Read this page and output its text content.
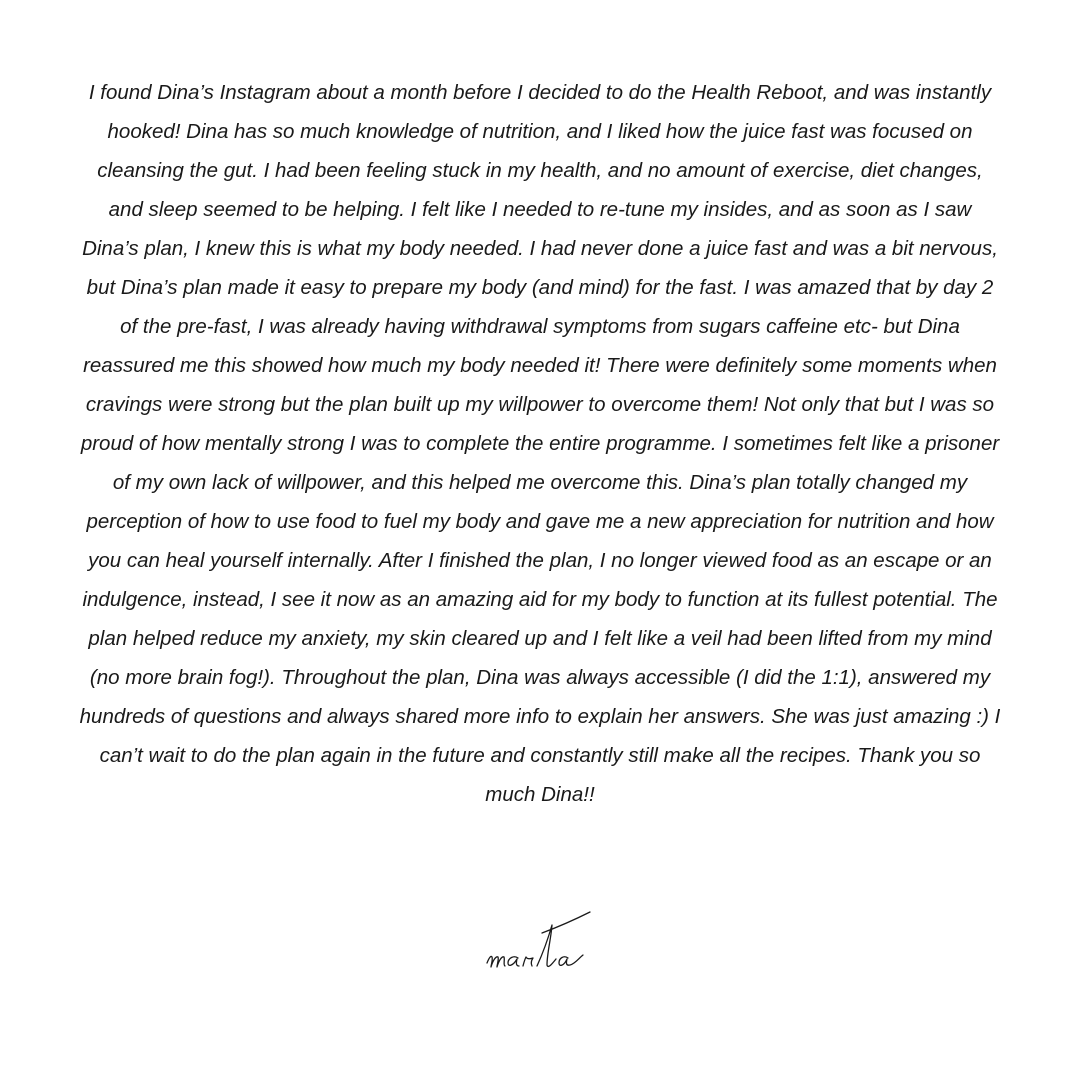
I found Dina’s Instagram about a month before I decided to do the Health Reboot, and was instantly hooked! Dina has so much knowledge of nutrition, and I liked how the juice fast was focused on cleansing the gut. I had been feeling stuck in my health, and no amount of exercise, diet changes, and sleep seemed to be helping. I felt like I needed to re-tune my insides, and as soon as I saw Dina’s plan, I knew this is what my body needed. I had never done a juice fast and was a bit nervous, but Dina’s plan made it easy to prepare my body (and mind) for the fast. I was amazed that by day 2 of the pre-fast, I was already having withdrawal symptoms from sugars caffeine etc- but Dina reassured me this showed how much my body needed it! There were definitely some moments when cravings were strong but the plan built up my willpower to overcome them! Not only that but I was so proud of how mentally strong I was to complete the entire programme. I sometimes felt like a prisoner of my own lack of willpower, and this helped me overcome this. Dina’s plan totally changed my perception of how to use food to fuel my body and gave me a new appreciation for nutrition and how you can heal yourself internally. After I finished the plan, I no longer viewed food as an escape or an indulgence, instead, I see it now as an amazing aid for my body to function at its fullest potential. The plan helped reduce my anxiety, my skin cleared up and I felt like a veil had been lifted from my mind (no more brain fog!). Throughout the plan, Dina was always accessible (I did the 1:1), answered my hundreds of questions and always shared more info to explain her answers. She was just amazing :) I can’t wait to do the plan again in the future and constantly still make all the recipes. Thank you so much Dina!!
